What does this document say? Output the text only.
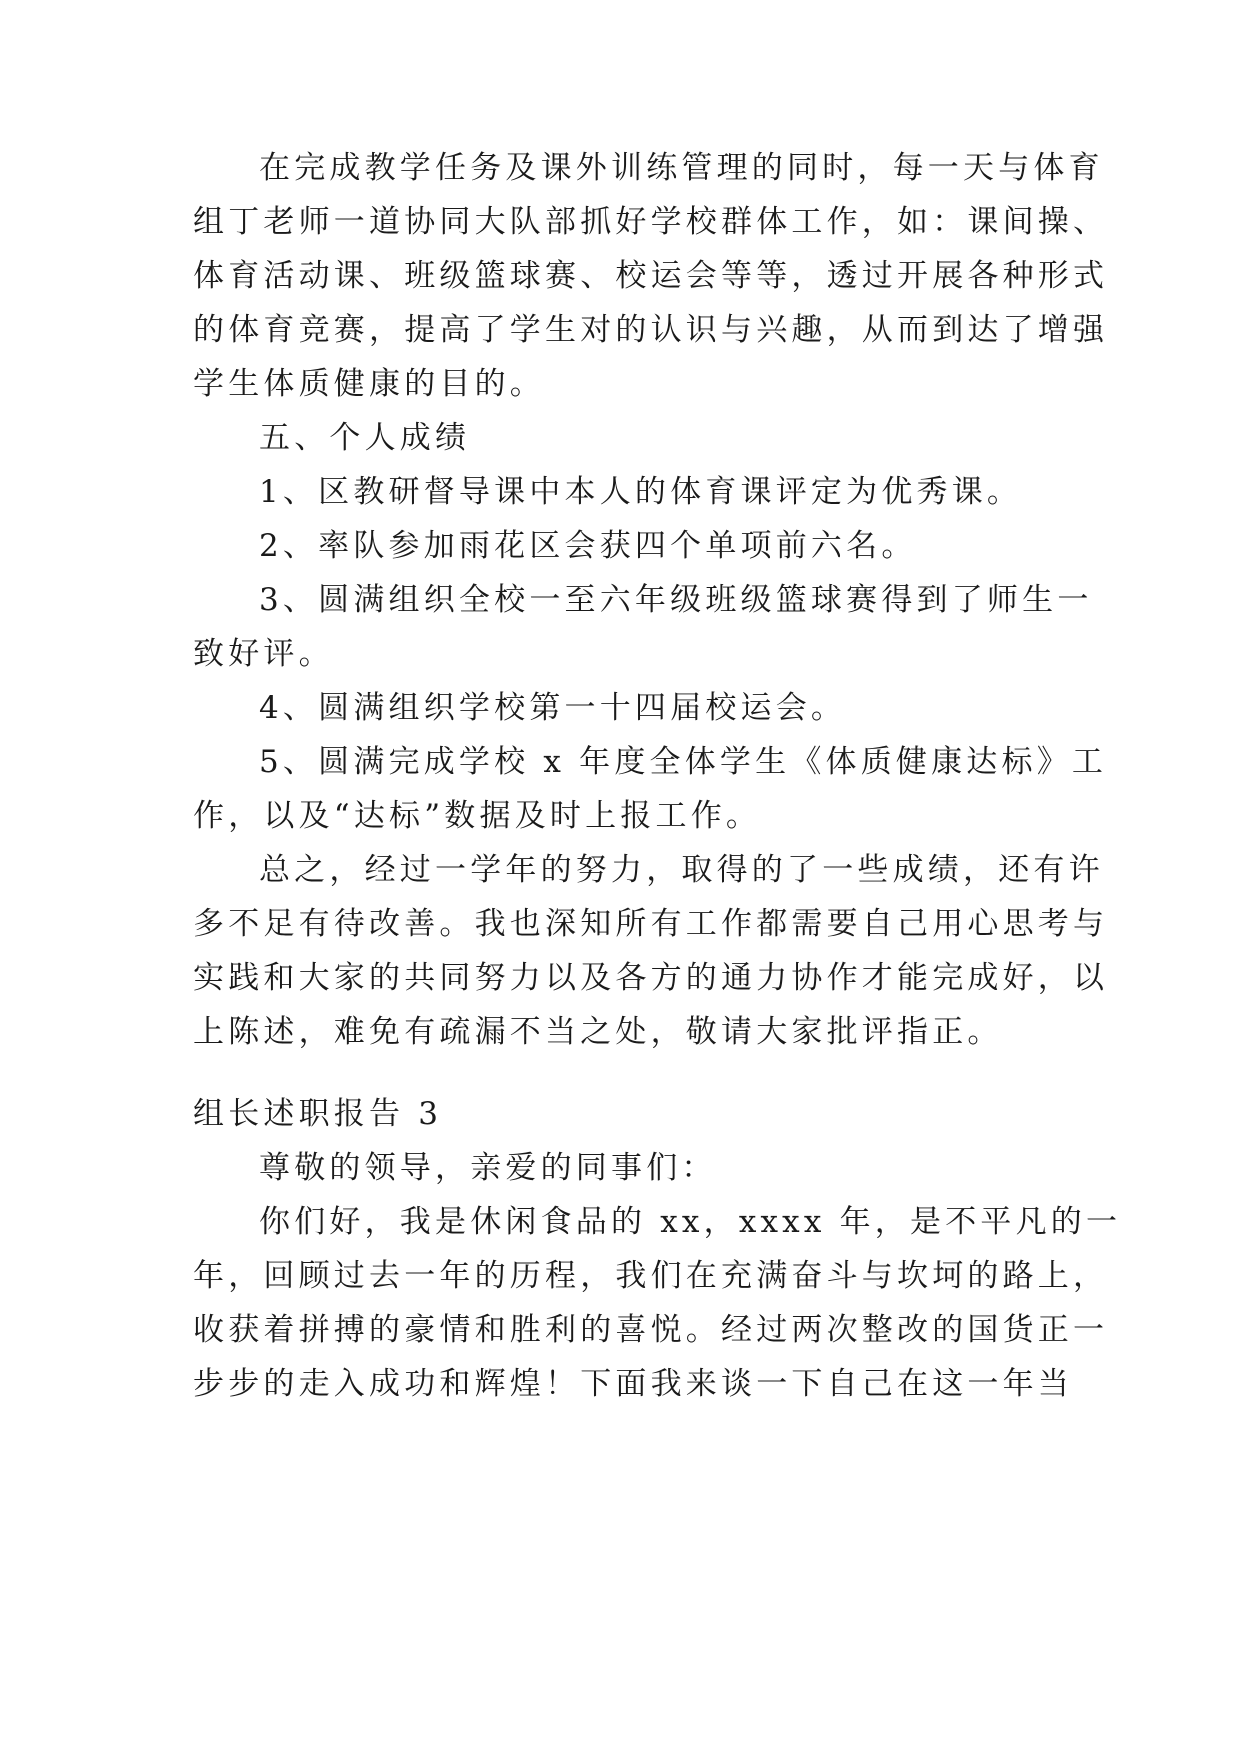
在完成教学任务及课外训练管理的同时，每一天与体育
组丁老师一道协同大队部抓好学校群体工作，如：课间操、
体育活动课、班级篮球赛、校运会等等，透过开展各种形式
的体育竞赛，提高了学生对的认识与兴趣，从而到达了增强
学生体质健康的目的。
五、个人成绩
1、区教研督导课中本人的体育课评定为优秀课。
2、率队参加雨花区会获四个单项前六名。
3、圆满组织全校一至六年级班级篮球赛得到了师生一
致好评。
4、圆满组织学校第一十四届校运会。
5、圆满完成学校 x 年度全体学生《体质健康达标》工
作，以及“达标”数据及时上报工作。
总之，经过一学年的努力，取得的了一些成绩，还有许
多不足有待改善。我也深知所有工作都需要自己用心思考与
实践和大家的共同努力以及各方的通力协作才能完成好，以
上陈述，难免有疏漏不当之处，敬请大家批评指正。
组长述职报告 3
尊敬的领导，亲爱的同事们：
你们好，我是休闲食品的 xx，xxxx 年，是不平凡的一
年，回顾过去一年的历程，我们在充满奋斗与坎坷的路上，
收获着拼搏的豪情和胜利的喜悦。经过两次整改的国货正一
步步的走入成功和辉煌！下面我来谈一下自己在这一年当
